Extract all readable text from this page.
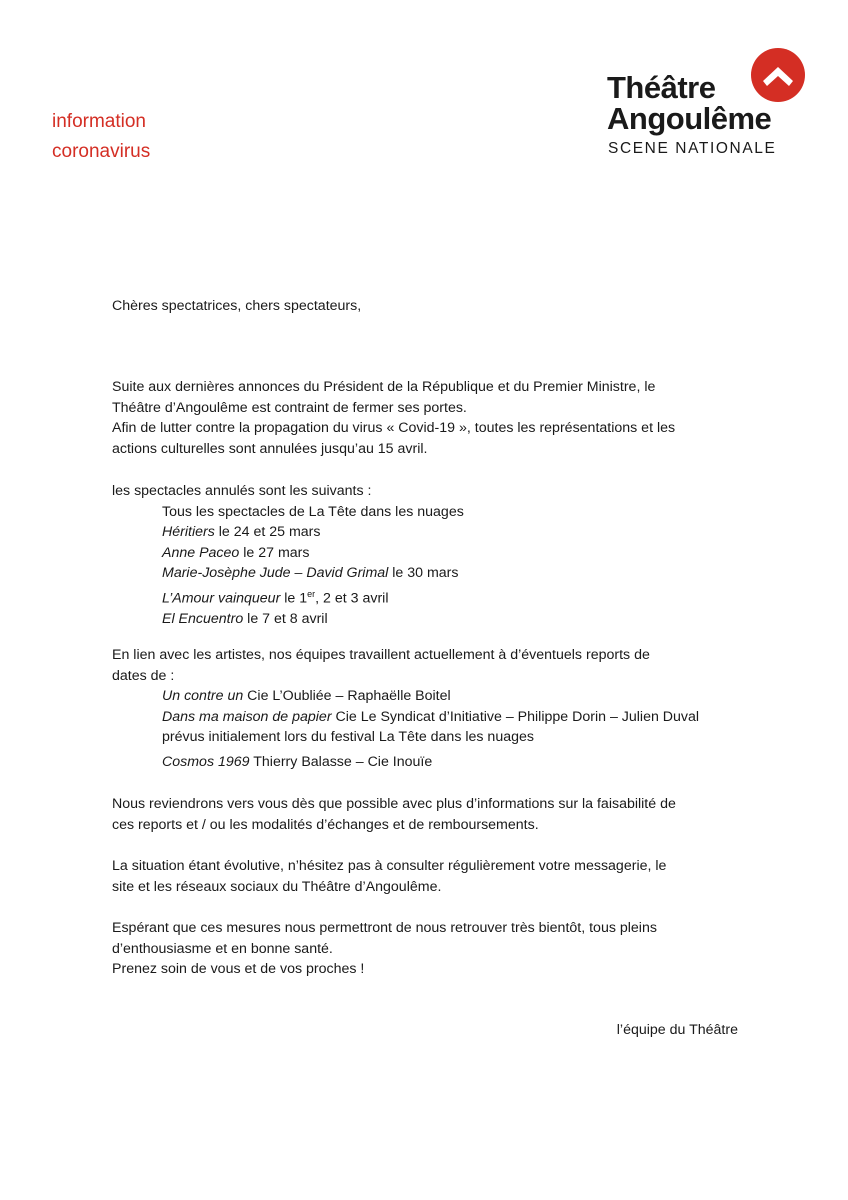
information
coronavirus
Théâtre
Angoulême
SCENE NATIONALE

Chères spectatrices, chers spectateurs,

Suite aux dernières annonces du Président de la République et du Premier Ministre, le

Théâtre d’Angoulême est contraint de fermer ses portes.

Afin de lutter contre la propagation du virus « Covid-19 », toutes les représentations et les

actions culturelles sont annulées jusqu’au 15 avril.

les spectacles annulés sont les suivants :

Tous les spectacles de La Tête dans les nuages

Héritiers le 24 et 25 mars

Anne Paceo le 27 mars

Marie-Josèphe Jude – David Grimal le 30 mars

L’Amour vainqueur le 1er, 2 et 3 avril

El Encuentro le 7 et 8 avril

En lien avec les artistes, nos équipes travaillent actuellement à d’éventuels reports de

dates de :

Un contre un Cie L’Oubliée – Raphaëlle Boitel

Dans ma maison de papier Cie Le Syndicat d’Initiative – Philippe Dorin – Julien Duval

prévus initialement lors du festival La Tête dans les nuages

Cosmos 1969 Thierry Balasse – Cie Inouïe

Nous reviendrons vers vous dès que possible avec plus d’informations sur la faisabilité de

ces reports et / ou les modalités d’échanges et de remboursements.

La situation étant évolutive, n’hésitez pas à consulter régulièrement votre messagerie, le

site et les réseaux sociaux du Théâtre d’Angoulême.

Espérant que ces mesures nous permettront de nous retrouver très bientôt, tous pleins

d’enthousiasme et en bonne santé.

Prenez soin de vous et de vos proches !

l’équipe du Théâtre
